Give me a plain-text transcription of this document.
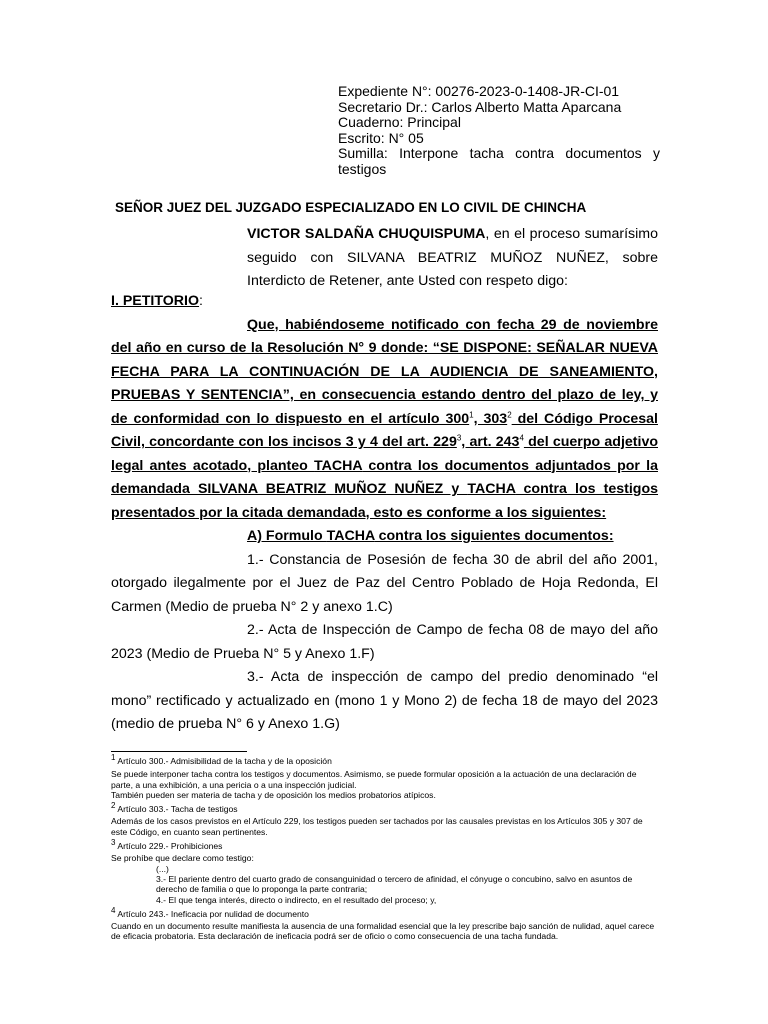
Expediente N°: 00276-2023-0-1408-JR-CI-01
Secretario Dr.: Carlos Alberto Matta Aparcana
Cuaderno: Principal
Escrito: N° 05
Sumilla: Interpone tacha contra documentos y testigos
SEÑOR JUEZ DEL JUZGADO ESPECIALIZADO EN LO CIVIL DE CHINCHA
VICTOR SALDAÑA CHUQUISPUMA, en el proceso sumarísimo seguido con SILVANA BEATRIZ MUÑOZ NUÑEZ, sobre Interdicto de Retener, ante Usted con respeto digo:
I. PETITORIO:
Que, habiéndoseme notificado con fecha 29 de noviembre del año en curso de la Resolución N° 9 donde: “SE DISPONE: SEÑALAR NUEVA FECHA PARA LA CONTINUACIÓN DE LA AUDIENCIA DE SANEAMIENTO, PRUEBAS Y SENTENCIA”, en consecuencia estando dentro del plazo de ley, y de conformidad con lo dispuesto en el artículo $300^1$, $303^2$ del Código Procesal Civil, concordante con los incisos 3 y 4 del art. $229^3$, art. $243^4$ del cuerpo adjetivo legal antes acotado, planteo TACHA contra los documentos adjuntados por la demandada SILVANA BEATRIZ MUÑOZ NUÑEZ y TACHA contra los testigos presentados por la citada demandada, esto es conforme a los siguientes:
A) Formulo TACHA contra los siguientes documentos:
1.- Constancia de Posesión de fecha 30 de abril del año 2001, otorgado ilegalmente por el Juez de Paz del Centro Poblado de Hoja Redonda, El Carmen (Medio de prueba N° 2 y anexo 1.C)
2.- Acta de Inspección de Campo de fecha 08 de mayo del año 2023 (Medio de Prueba N° 5 y Anexo 1.F)
3.- Acta de inspección de campo del predio denominado “el mono” rectificado y actualizado en (mono 1 y Mono 2) de fecha 18 de mayo del 2023 (medio de prueba N° 6 y Anexo 1.G)
$^1$ Artículo 300.- Admisibilidad de la tacha y de la oposición
Se puede interponer tacha contra los testigos y documentos. Asimismo, se puede formular oposición a la actuación de una declaración de parte, a una exhibición, a una pericia o a una inspección judicial.
También pueden ser materia de tacha y de oposición los medios probatorios atípicos.
$^2$ Artículo 303.- Tacha de testigos
Además de los casos previstos en el Artículo 229, los testigos pueden ser tachados por las causales previstas en los Artículos 305 y 307 de este Código, en cuanto sean pertinentes.
$^3$ Artículo 229.- Prohibiciones
Se prohíbe que declare como testigo:
(...)
3.- El pariente dentro del cuarto grado de consanguinidad o tercero de afinidad, el cónyuge o concubino, salvo en asuntos de derecho de familia o que lo proponga la parte contraria;
4.- El que tenga interés, directo o indirecto, en el resultado del proceso; y,
$^4$ Artículo 243.- Ineficacia por nulidad de documento
Cuando en un documento resulte manifiesta la ausencia de una formalidad esencial que la ley prescribe bajo sanción de nulidad, aquel carece de eficacia probatoria. Esta declaración de ineficacia podrá ser de oficio o como consecuencia de una tacha fundada.
